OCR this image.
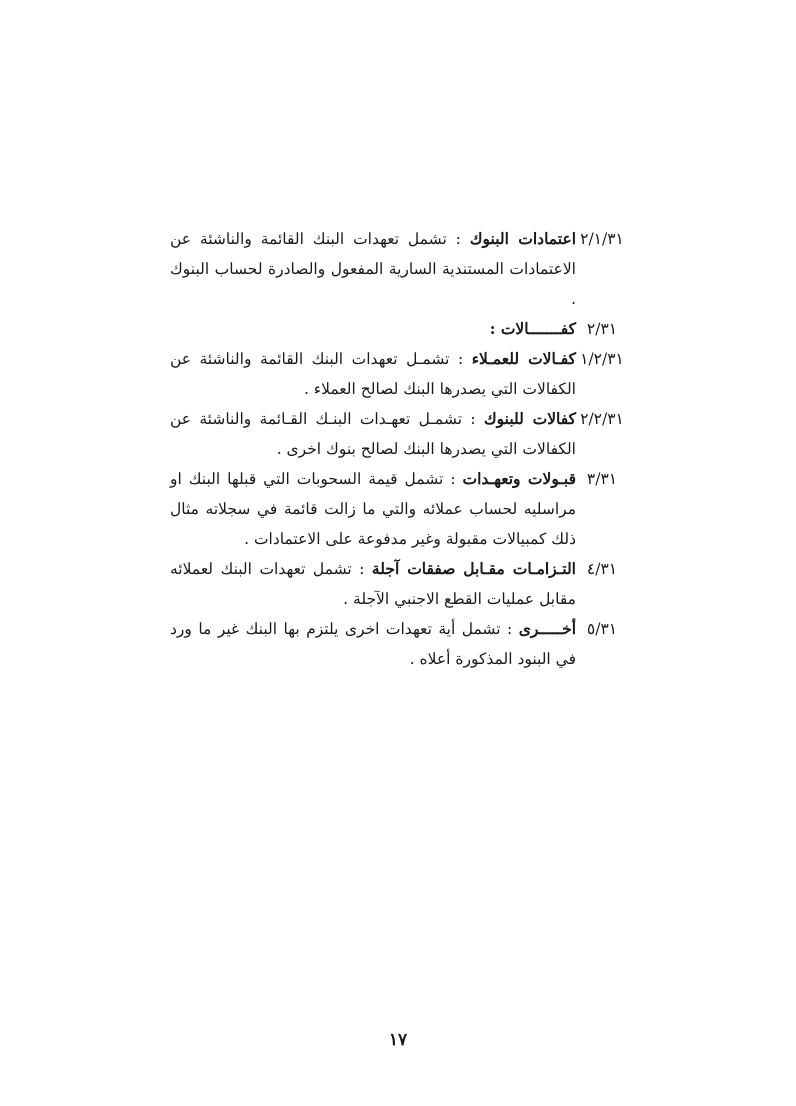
٢/١/٣١
اعتمادات البنوك : تشمل تعهدات البنك القائمة والناشئة عن الاعتمادات المستندية السارية المفعول والصادرة لحساب البنوك .
٢/٣١
كفـــــــالات :
١/٢/٣١
كفـالات للعمـلاء : تشمـل تعهدات البنك القائمة والناشئة عن الكفالات التي يصدرها البنك لصالح العملاء .
٢/٢/٣١
كفالات للبنوك : تشمـل تعهـدات البنـك القـائمة والناشئة عن الكفالات التي يصدرها البنك لصالح بنوك اخرى .
٣/٣١
قبـولات وتعهـدات : تشمل قيمة السحوبات التي قبلها البنك او مراسليه لحساب عملائه والتي ما زالت قائمة في سجلاته مثال ذلك كمبيالات مقبولة وغير مدفوعة على الاعتمادات .
٤/٣١
التـزامـات مقـابل صفقات آجلة : تشمل تعهدات البنك لعملائه مقابل عمليات القطع الاجنبي الآجلة .
٥/٣١
أخـــــرى : تشمل أية تعهدات اخرى يلتزم بها البنك غير ما ورد في البنود المذكورة أعلاه .
١٧
